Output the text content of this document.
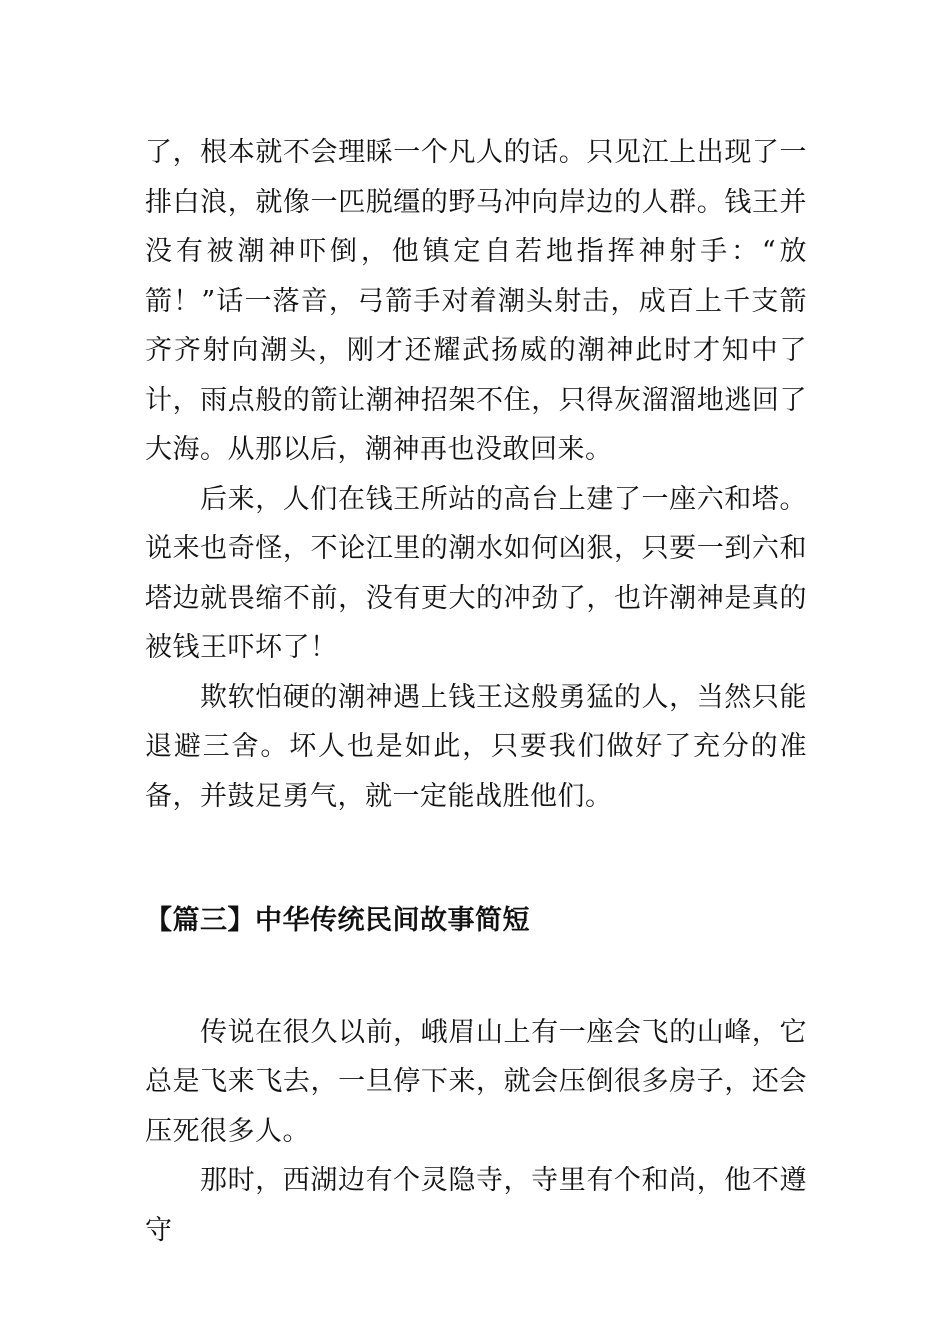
了，根本就不会理睬一个凡人的话。只见江上出现了一排白浪，就像一匹脱缰的野马冲向岸边的人群。钱王并没有被潮神吓倒，他镇定自若地指挥神射手：“放箭！”话一落音，弓箭手对着潮头射击，成百上千支箭齐齐射向潮头，刚才还耀武扬威的潮神此时才知中了计，雨点般的箭让潮神招架不住，只得灰溜溜地逃回了大海。从那以后，潮神再也没敢回来。

后来，人们在钱王所站的高台上建了一座六和塔。说来也奇怪，不论江里的潮水如何凶狠，只要一到六和塔边就畏缩不前，没有更大的冲劲了，也许潮神是真的被钱王吓坏了！

欺软怕硬的潮神遇上钱王这般勇猛的人，当然只能退避三舍。坏人也是如此，只要我们做好了充分的准备，并鼓足勇气，就一定能战胜他们。

【篇三】中华传统民间故事简短

传说在很久以前，峨眉山上有一座会飞的山峰，它总是飞来飞去，一旦停下来，就会压倒很多房子，还会压死很多人。

那时，西湖边有个灵隐寺，寺里有个和尚，他不遵守
